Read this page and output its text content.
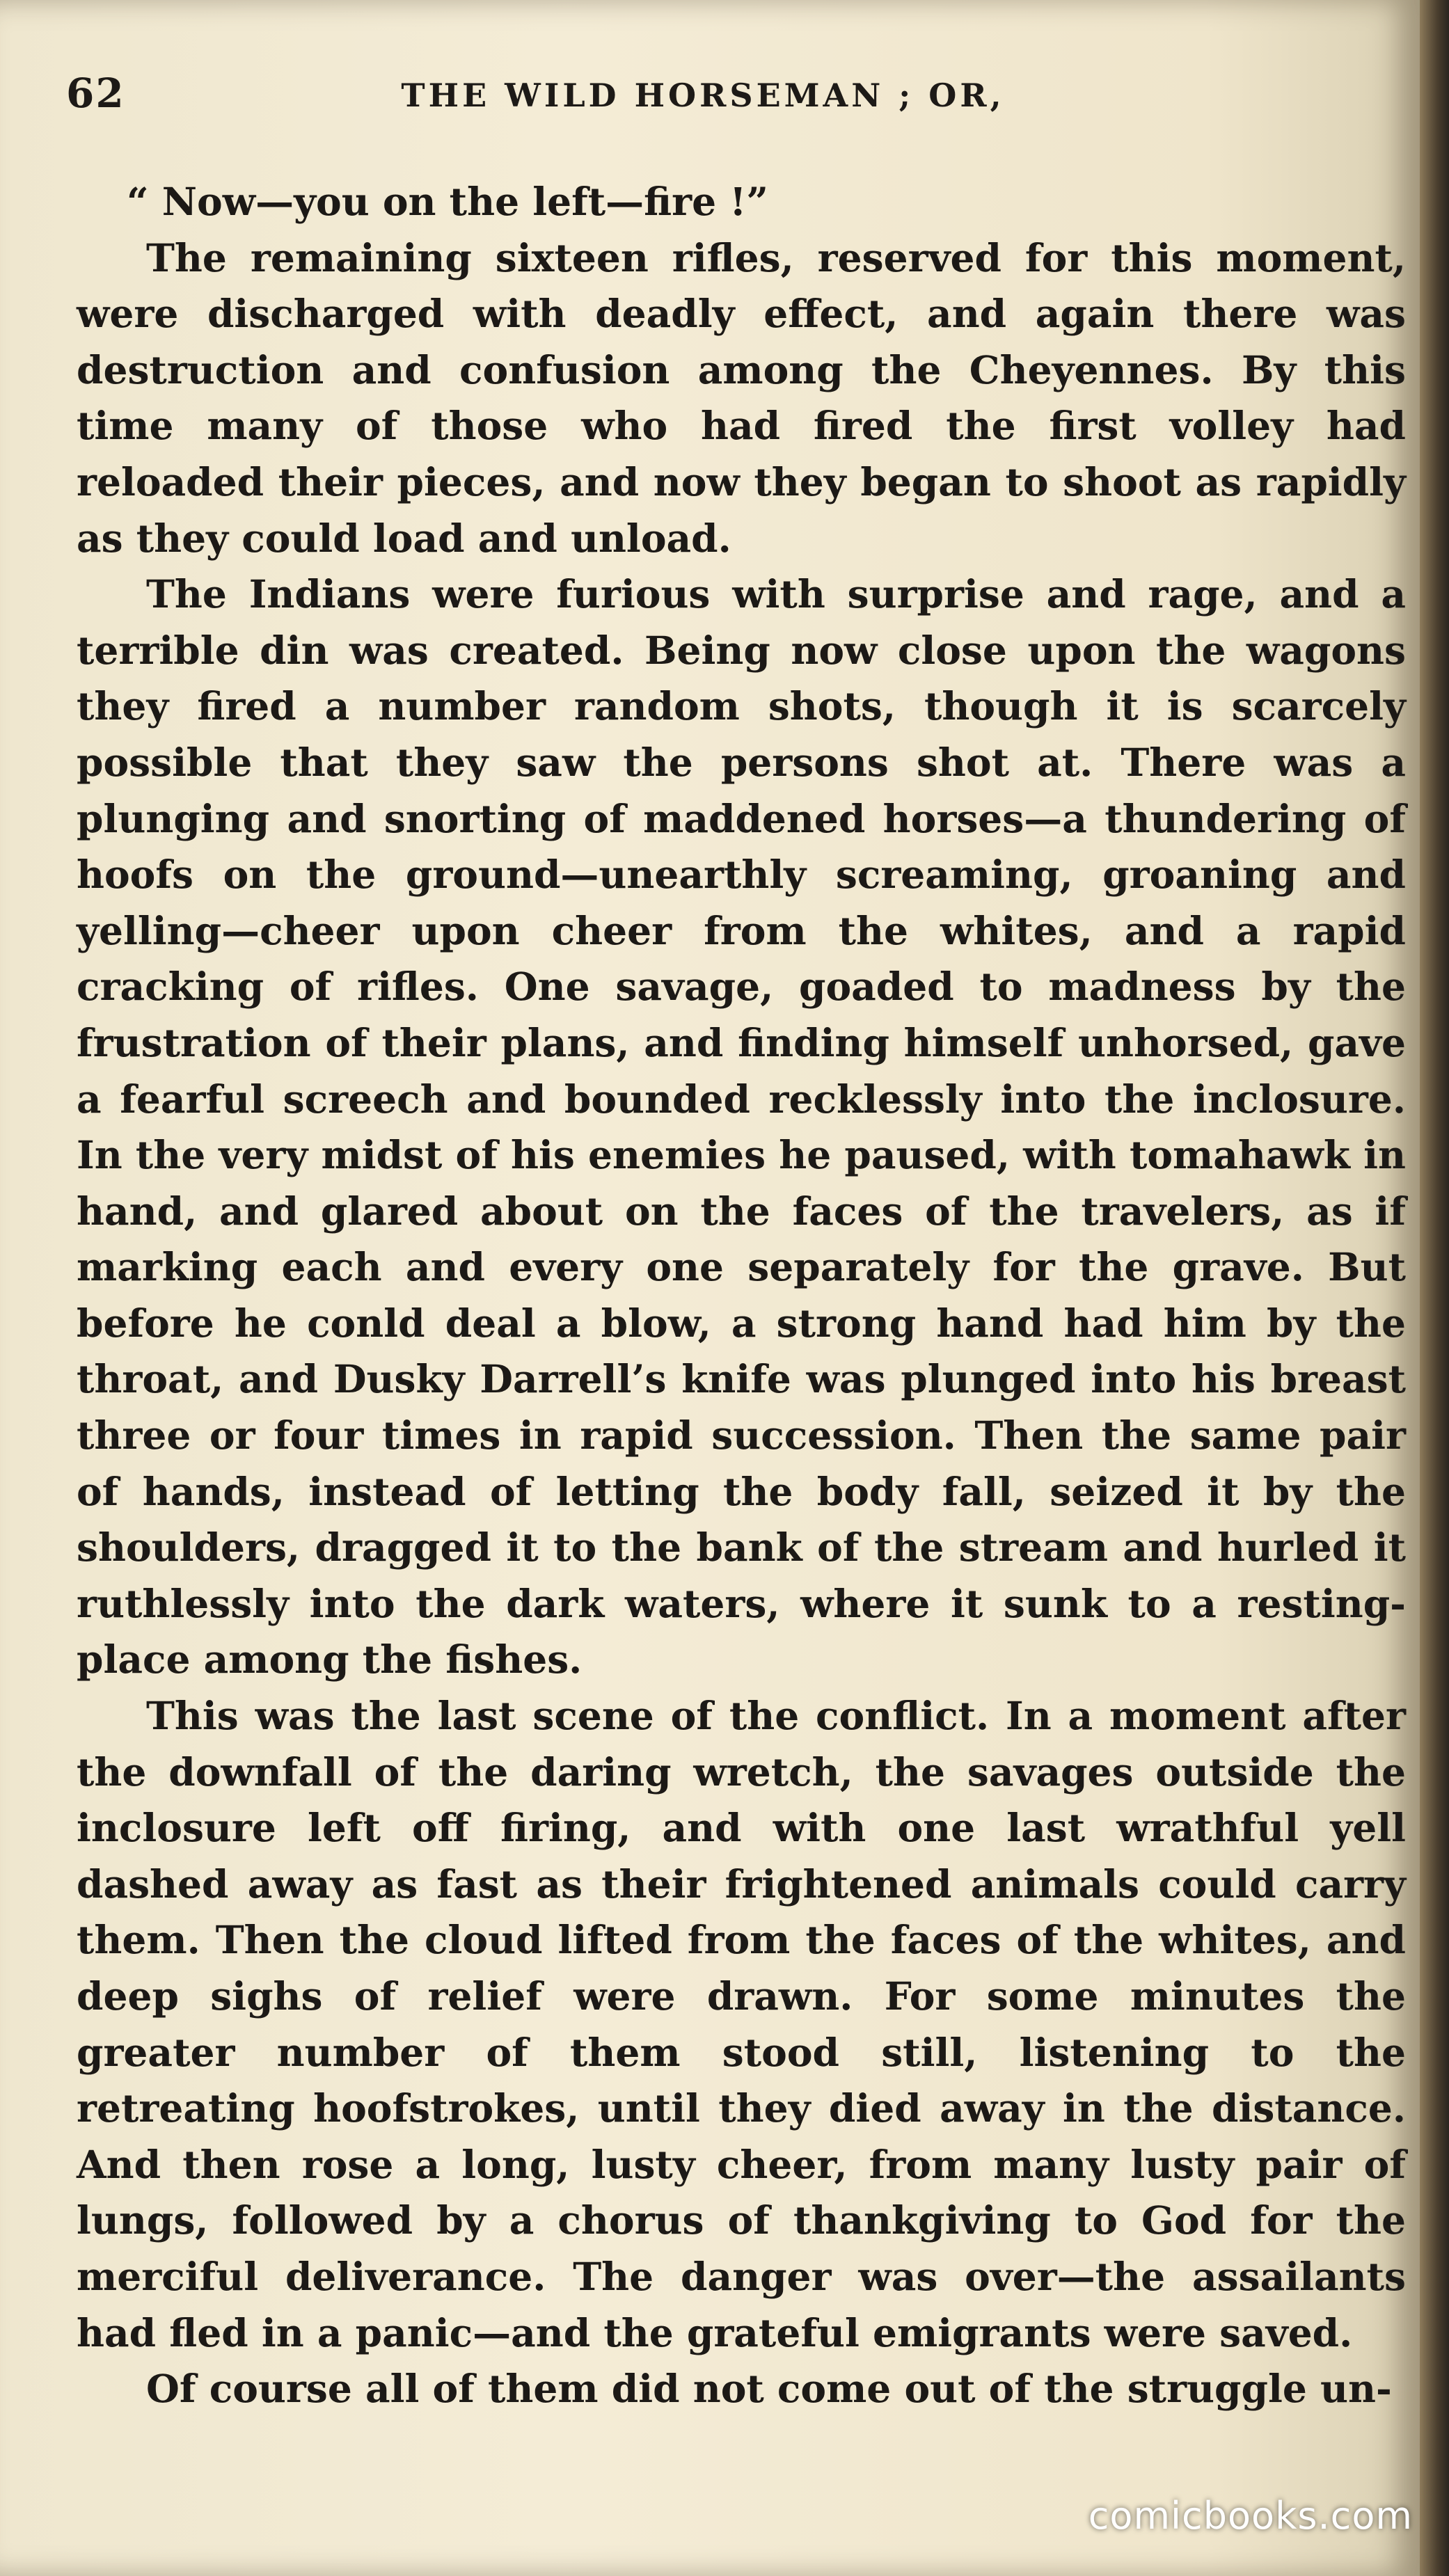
62	THE WILD HORSEMAN ; OR,

“ Now—you on the left—fire !”

The remaining sixteen rifles, reserved for this moment, were discharged with deadly effect, and again there was destruction and confusion among the Cheyennes. By this time many of those who had fired the first volley had reloaded their pieces, and now they began to shoot as rapidly as they could load and unload.

The Indians were furious with surprise and rage, and a terrible din was created. Being now close upon the wagons they fired a number random shots, though it is scarcely possible that they saw the persons shot at. There was a plunging and snorting of maddened horses—a thundering of hoofs on the ground—unearthly screaming, groaning and yelling—cheer upon cheer from the whites, and a rapid cracking of rifles. One savage, goaded to madness by the frustration of their plans, and finding himself unhorsed, gave a fearful screech and bounded recklessly into the inclosure. In the very midst of his enemies he paused, with tomahawk in hand, and glared about on the faces of the travelers, as if marking each and every one separately for the grave. But before he conld deal a blow, a strong hand had him by the throat, and Dusky Darrell’s knife was plunged into his breast three or four times in rapid succession. Then the same pair of hands, instead of letting the body fall, seized it by the shoulders, dragged it to the bank of the stream and hurled it ruthlessly into the dark waters, where it sunk to a resting-place among the fishes.

This was the last scene of the conflict. In a moment after the downfall of the daring wretch, the savages outside the inclosure left off firing, and with one last wrathful yell dashed away as fast as their frightened animals could carry them. Then the cloud lifted from the faces of the whites, and deep sighs of relief were drawn. For some minutes the greater number of them stood still, listening to the retreating hoofstrokes, until they died away in the distance. And then rose a long, lusty cheer, from many lusty pair of lungs, followed by a chorus of thankgiving to God for the merciful deliverance. The danger was over—the assailants had fled in a panic—and the grateful emigrants were saved.

Of course all of them did not come out of the struggle un-

comicbooks.com
